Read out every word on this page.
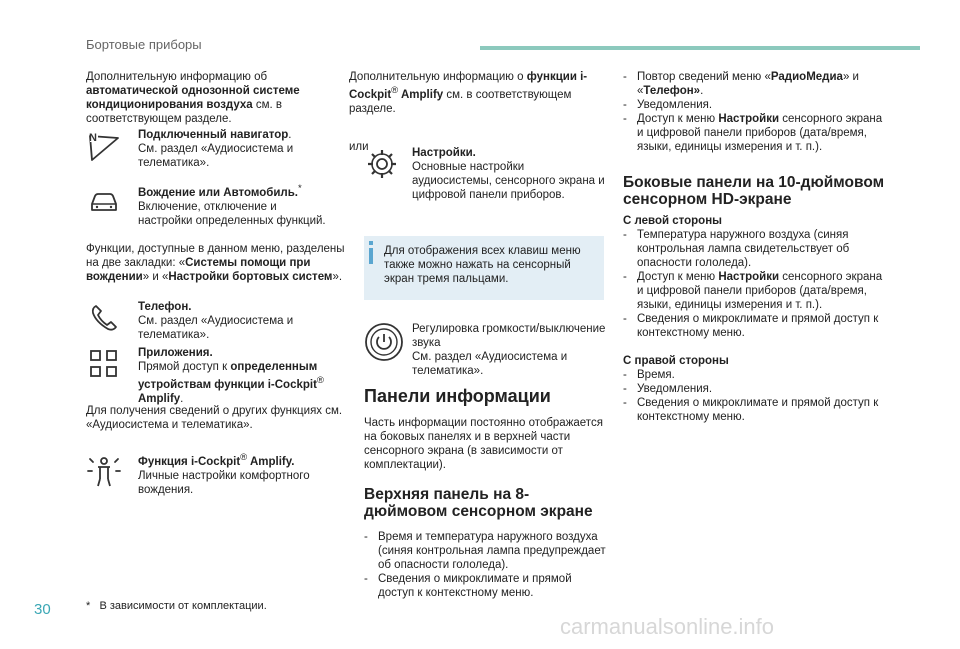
Бортовые приборы

Дополнительную информацию об автоматической однозонной системе кондиционирования воздуха см. в соответствующем разделе.

N	Подключенный навигатор.
См. раздел «Аудиосистема и телематика».
Вождение или Автомобиль.*
Включение, отключение и настройки определенных функций.

Функции, доступные в данном меню, разделены на две закладки: «Системы помощи при вождении» и «Настройки бортовых систем».

Телефон.
См. раздел «Аудиосистема и телематика».
Приложения.
Прямой доступ к определенным устройствам функции i-Cockpit® Amplify.

Для получения сведений о других функциях см. «Аудиосистема и телематика».

Функция i-Cockpit® Amplify.
Личные настройки комфортного вождения.

Дополнительную информацию о функции i-Cockpit® Amplify см. в соответствующем разделе.

или

Настройки.
Основные настройки аудиосистемы, сенсорного экрана и цифровой панели приборов.
Для отображения всех клавиш меню также можно нажать на сенсорный экран тремя пальцами.
Регулировка громкости/выключение звука
См. раздел «Аудиосистема и телематика».
Панели информации

Часть информации постоянно отображается на боковых панелях и в верхней части сенсорного экрана (в зависимости от комплектации).

Верхняя панель на 8-дюймовом сенсорном экране
- Время и температура наружного воздуха (синяя контрольная лампа предупреждает об опасности гололеда).
- Сведения о микроклимате и прямой доступ к контекстному меню.
- Повтор сведений меню «РадиоМедиа» и «Телефон».
- Уведомления.
- Доступ к меню Настройки сенсорного экрана и цифровой панели приборов (дата/время, языки, единицы измерения и т. п.).
Боковые панели на 10-дюймовом сенсорном HD-экране
С левой стороны
- Температура наружного воздуха (синяя контрольная лампа свидетельствует об опасности гололеда).
- Доступ к меню Настройки сенсорного экрана и цифровой панели приборов (дата/время, языки, единицы измерения и т. п.).
- Сведения о микроклимате и прямой доступ к контекстному меню.
С правой стороны
- Время.
- Уведомления.
- Сведения о микроклимате и прямой доступ к контекстному меню.
* В зависимости от комплектации.
30
carmanualsonline.info
